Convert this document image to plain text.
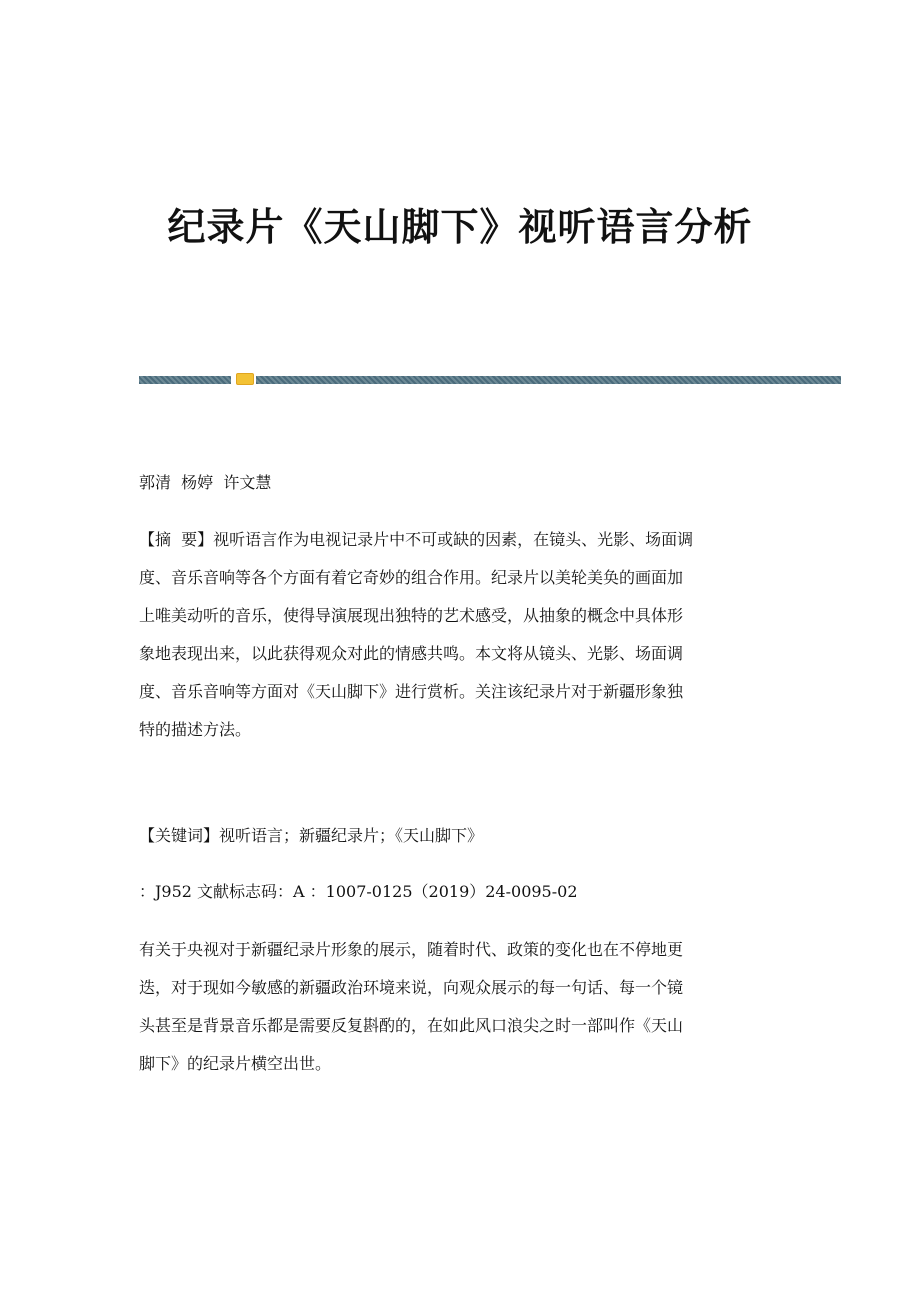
纪录片《天山脚下》视听语言分析
郭清  杨婷  许文慧
【摘  要】视听语言作为电视记录片中不可或缺的因素，在镜头、光影、场面调
度、音乐音响等各个方面有着它奇妙的组合作用。纪录片以美轮美奂的画面加
上唯美动听的音乐，使得导演展现出独特的艺术感受，从抽象的概念中具体形
象地表现出来，以此获得观众对此的情感共鸣。本文将从镜头、光影、场面调
度、音乐音响等方面对《天山脚下》进行赏析。关注该纪录片对于新疆形象独
特的描述方法。
【关键词】视听语言；新疆纪录片；《天山脚下》
：J952 文献标志码：A ：1007-0125（2019）24-0095-02
有关于央视对于新疆纪录片形象的展示，随着时代、政策的变化也在不停地更
迭，对于现如今敏感的新疆政治环境来说，向观众展示的每一句话、每一个镜
头甚至是背景音乐都是需要反复斟酌的，在如此风口浪尖之时一部叫作《天山
脚下》的纪录片横空出世。
